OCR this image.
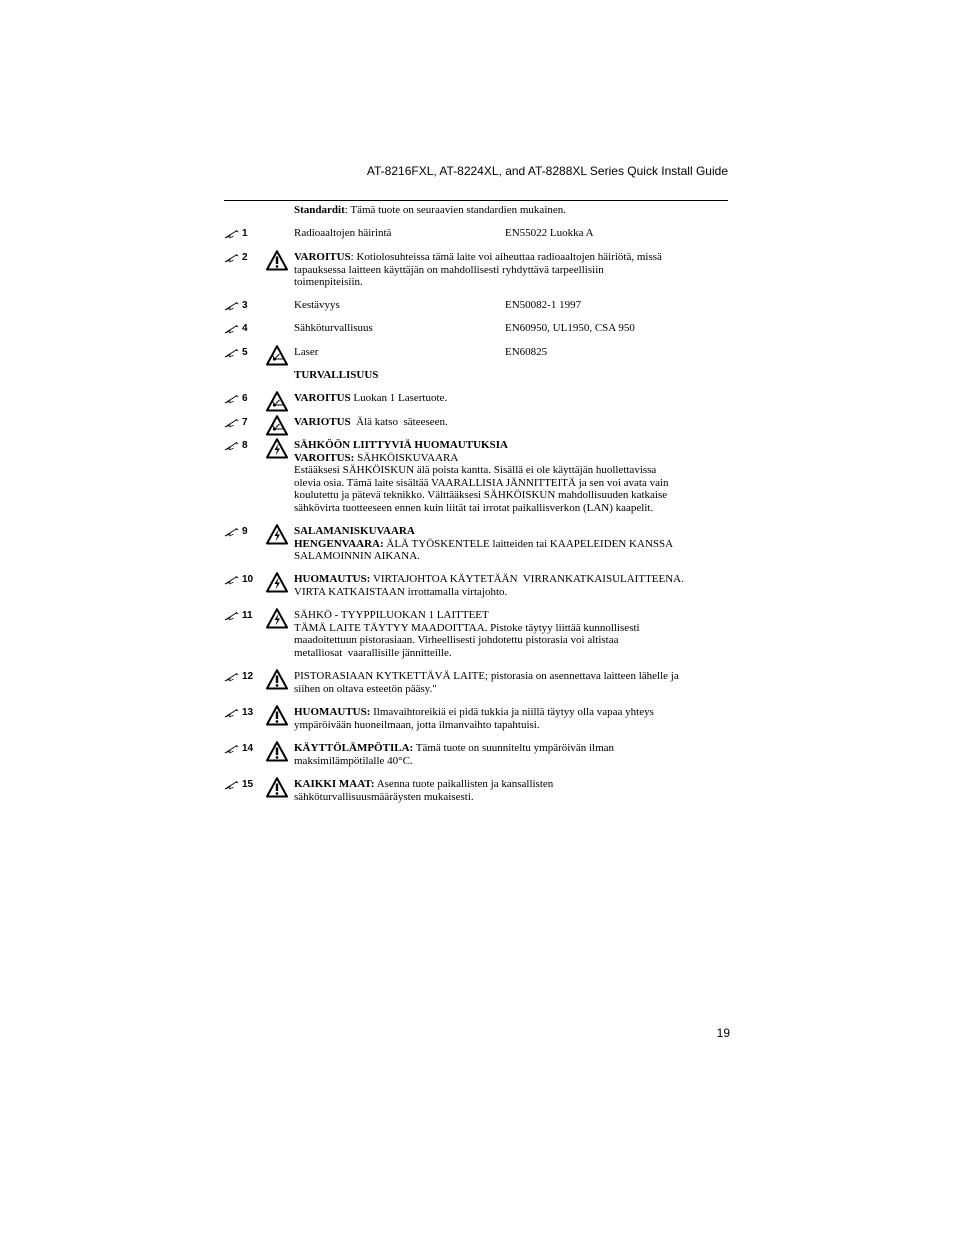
AT-8216FXL, AT-8224XL, and AT-8288XL Series Quick Install Guide
Standardit: Tämä tuote on seuraavien standardien mukainen.
1	Radioaaltojen häirintä	EN55022 Luokka A
2	VAROITUS: Kotiolosuhteissa tämä laite voi aiheuttaa radioaaltojen häiriötä, missä
tapauksessa laitteen käyttäjän on mahdollisesti ryhdyttävä tarpeellisiin
toimenpiteisiin.
3	Kestävyys	EN50082-1 1997
4	Sähköturvallisuus	EN60950, UL1950, CSA 950
5	Laser	EN60825
TURVALLISUUS
6	VAROITUS Luokan 1 Lasertuote.
7	VARIOTUS  Älä katso  säteeseen.
8	SÄHKÖÖN LIITTYVIÄ HUOMAUTUKSIA
VAROITUS: SÄHKÖISKUVAARA
Estääksesi SÄHKÖISKUN älä poista kantta. Sisällä ei ole käyttäjän huollettavissa
olevia osia. Tämä laite sisältää VAARALLISIA JÄNNITTEITÄ ja sen voi avata vain
koulutettu ja pätevä teknikko. Välttääksesi SÄHKÖISKUN mahdollisuuden katkaise
sähkövirta tuotteeseen ennen kuin liität tai irrotat paikallisverkon (LAN) kaapelit.
9	SALAMANISKUVAARA
HENGENVAARA: ÄLÄ TYÖSKENTELE laitteiden tai KAAPELEIDEN KANSSA
SALAMOINNIN AIKANA.
10	HUOMAUTUS: VIRTAJOHTOA KÄYTETÄÄN  VIRRANKATKAISULAITTEENA.
VIRTA KATKAISTAAN irrottamalla virtajohto.
11	SÄHKÖ - TYYPPILUOKAN 1 LAITTEET
TÄMÄ LAITE TÄYTYY MAADOITTAA. Pistoke täytyy liittää kunnollisesti
maadoitettuun pistorasiaan. Virheellisesti johdotettu pistorasia voi altistaa
metalliosat  vaarallisille jännitteille.
12	PISTORASIAAN KYTKETTÄVÄ LAITE; pistorasia on asennettava laitteen lähelle ja
siihen on oltava esteetön pääsy."
13	HUOMAUTUS: Ilmavaihtoreikiä ei pidä tukkia ja niillä täytyy olla vapaa yhteys
ympäröivään huoneilmaan, jotta ilmanvaihto tapahtuisi.
14	KÄYTTÖLÄMPÖTILA: Tämä tuote on suunniteltu ympäröivän ilman
maksimilämpötilalle 40°C.
15	KAIKKI MAAT: Asenna tuote paikallisten ja kansallisten
sähköturvallisuusmääräysten mukaisesti.
19
